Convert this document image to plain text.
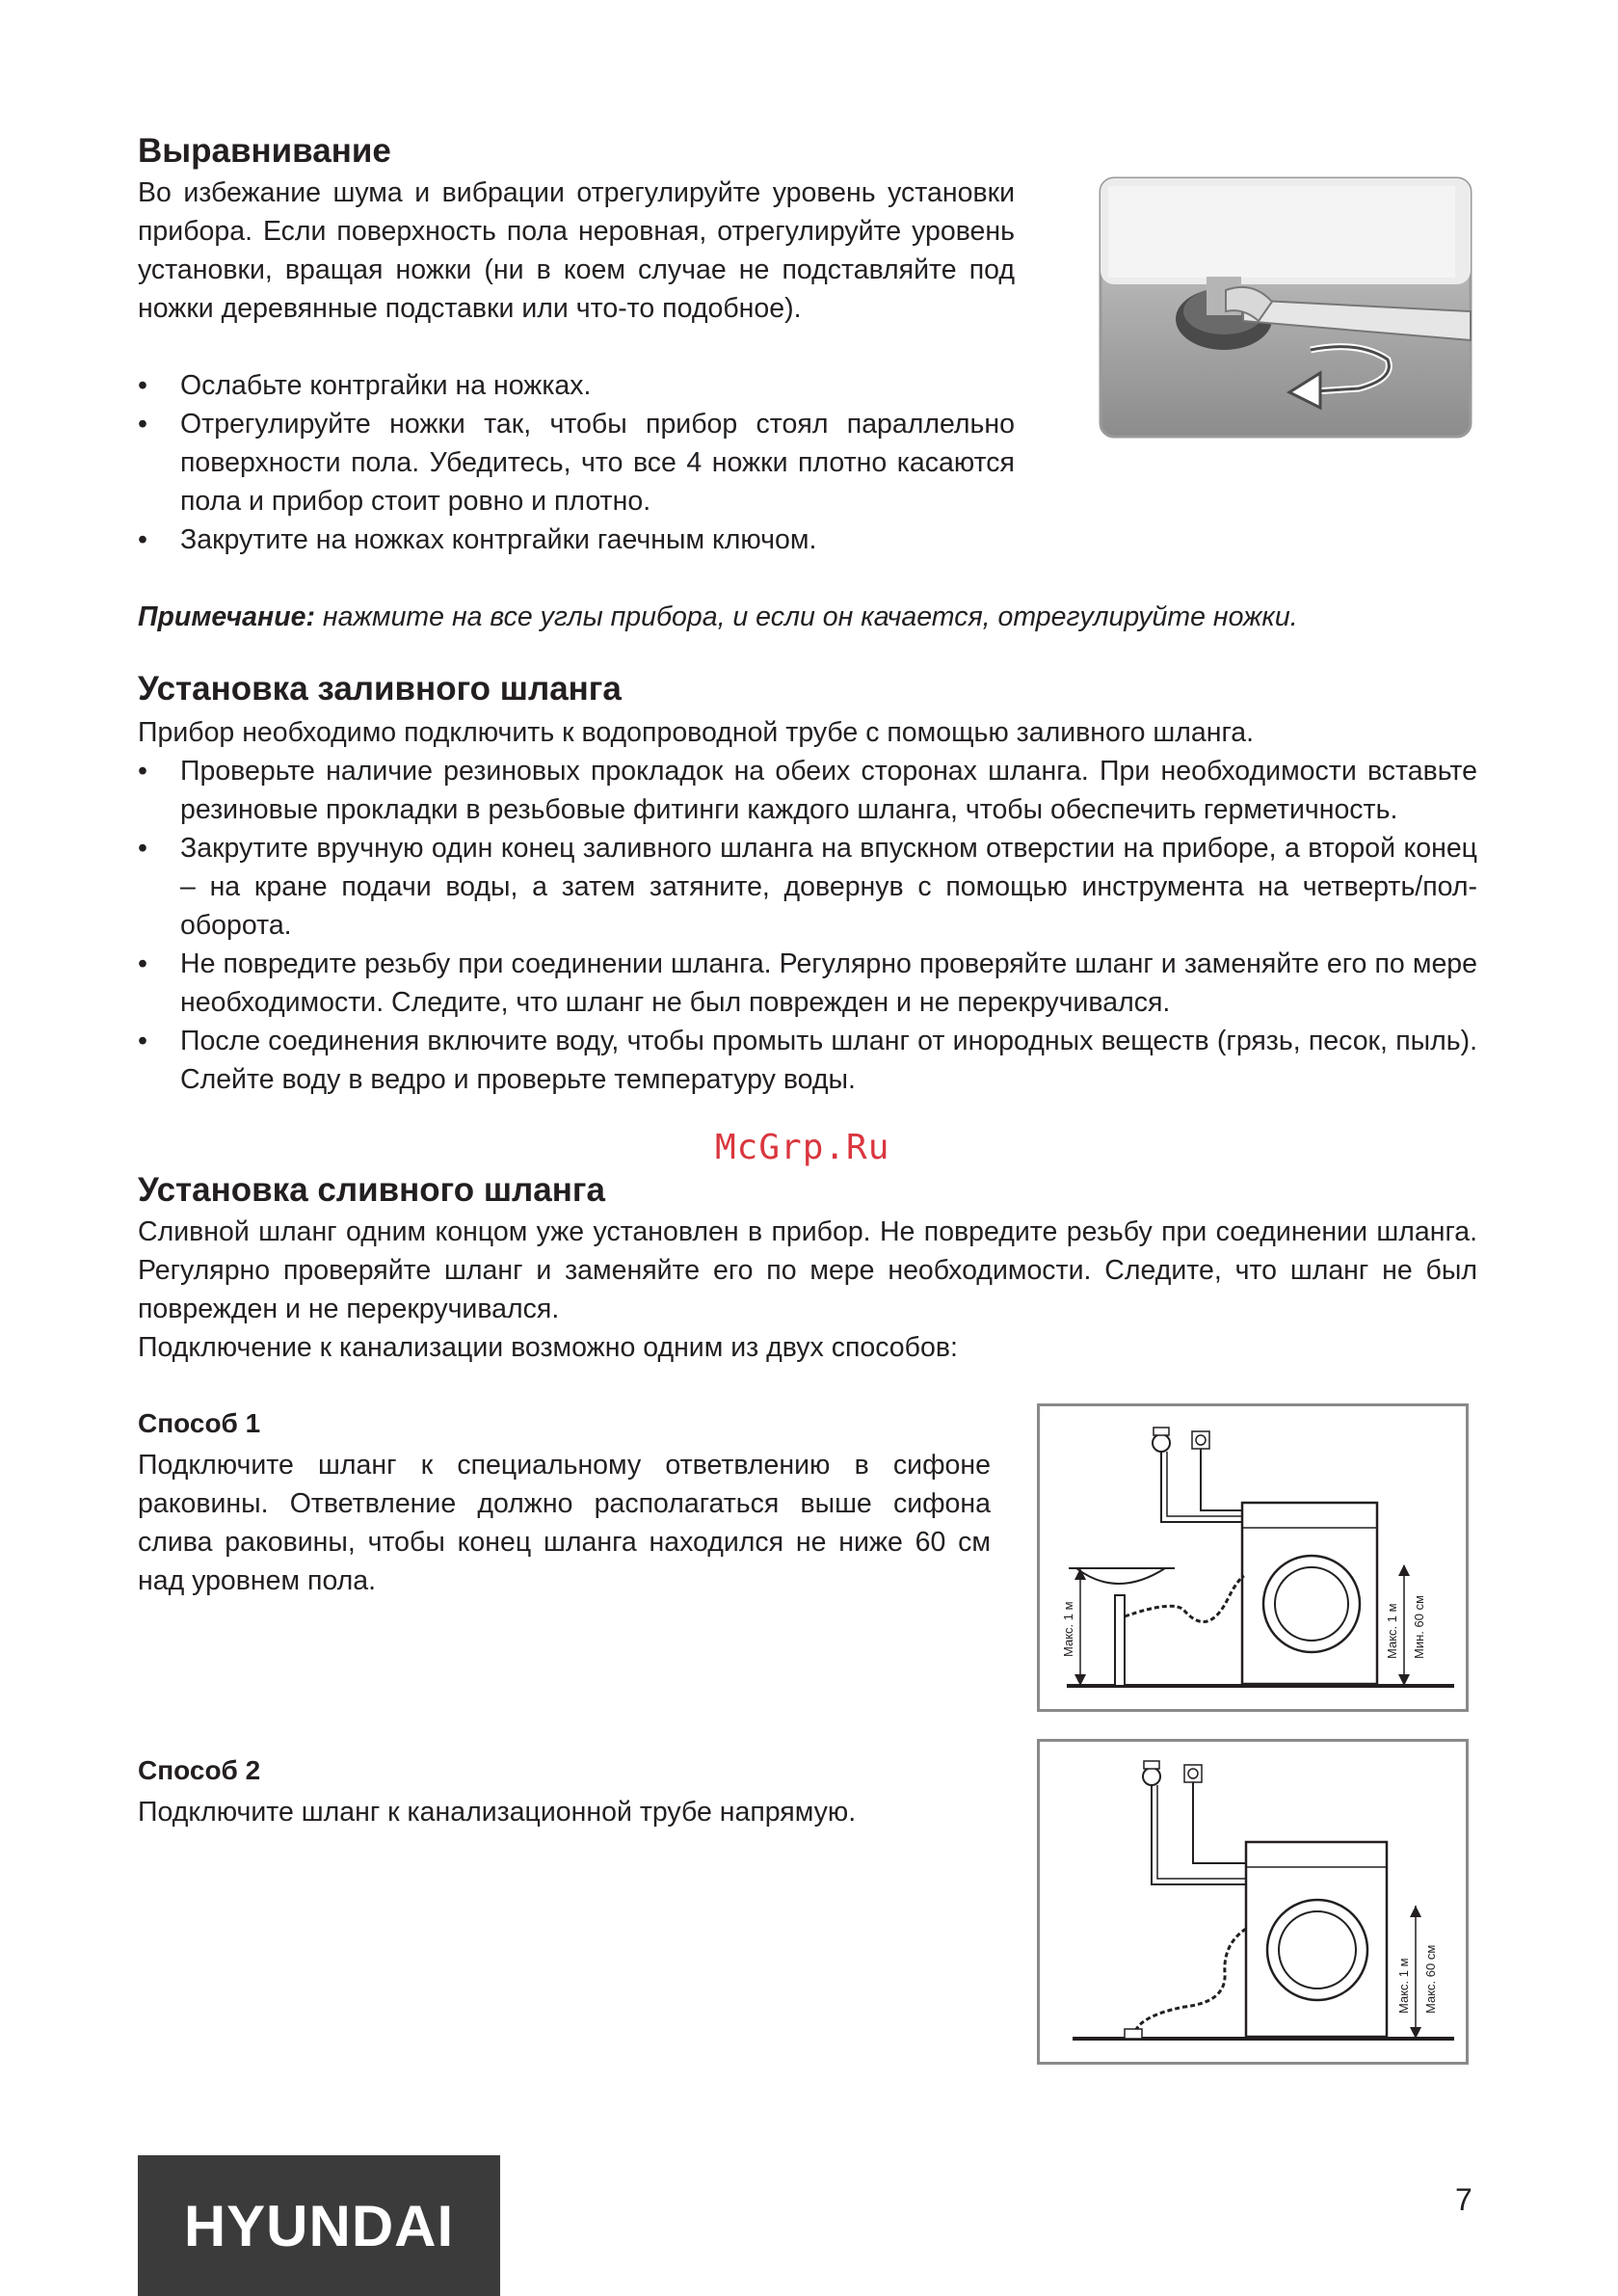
Выравнивание

Во избежание шума и вибрации отрегулируйте уровень установки прибора. Если поверхность пола неровная, отрегулируйте уровень установки, вращая ножки (ни в коем случае не подставляйте под ножки деревянные подставки или что-то подобное).

• Ослабьте контргайки на ножках.
• Отрегулируйте ножки так, чтобы прибор стоял параллельно поверхности пола. Убедитесь, что все 4 ножки плотно касаются пола и прибор стоит ровно и плотно.
• Закрутите на ножках контргайки гаечным ключом.
Примечание: нажмите на все углы прибора, и если он качается, отрегулируйте ножки.
Установка заливного шланга

Прибор необходимо подключить к водопроводной трубе с помощью заливного шланга.

• Проверьте наличие резиновых прокладок на обеих сторонах шланга. При необходимости вставьте резиновые прокладки в резьбовые фитинги каждого шланга, чтобы обеспечить герметичность.
• Закрутите вручную один конец заливного шланга на впускном отверстии на приборе, а второй конец – на кране подачи воды, а затем затяните, довернув с помощью инструмента на четверть/пол-оборота.
• Не повредите резьбу при соединении шланга. Регулярно проверяйте шланг и заменяйте его по мере необходимости. Следите, что шланг не был поврежден и не перекручивался.
• После соединения включите воду, чтобы промыть шланг от инородных веществ (грязь, песок, пыль). Слейте воду в ведро и проверьте температуру воды.
McGrp.Ru
Установка сливного шланга

Сливной шланг одним концом уже установлен в прибор. Не повредите резьбу при соединении шланга. Регулярно проверяйте шланг и заменяйте его по мере необходимости. Следите, что шланг не был поврежден и не перекручивался.

Подключение к канализации возможно одним из двух способов:

Способ 1

Подключите шланг к специальному ответвлению в сифоне раковины. Ответвление должно располагаться выше сифона слива раковины, чтобы конец шланга находился не ниже 60 см над уровнем пола.

Макс. 1 м	Макс. 1 м Мин. 60 см
Способ 2

Подключите шланг к канализационной трубе напрямую.

Макс. 1 м Макс. 60 см
HYUNDAI	7
